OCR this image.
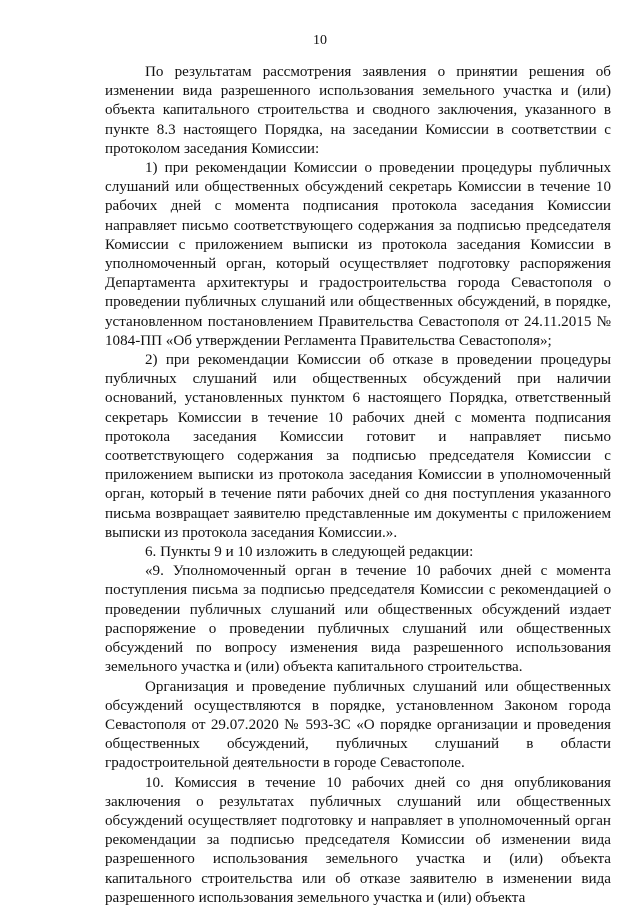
10

По результатам рассмотрения заявления о принятии решения об изменении вида разрешенного использования земельного участка и (или) объекта капитального строительства и сводного заключения, указанного в пункте 8.3 настоящего Порядка, на заседании Комиссии в соответствии с протоколом заседания Комиссии:

1) при рекомендации Комиссии о проведении процедуры публичных слушаний или общественных обсуждений секретарь Комиссии в течение 10 рабочих дней с момента подписания протокола заседания Комиссии направляет письмо соответствующего содержания за подписью председателя Комиссии с приложением выписки из протокола заседания Комиссии в уполномоченный орган, который осуществляет подготовку распоряжения Департамента архитектуры и градостроительства города Севастополя о проведении публичных слушаний или общественных обсуждений, в порядке, установленном постановлением Правительства Севастополя от 24.11.2015 № 1084-ПП «Об утверждении Регламента Правительства Севастополя»;

2) при рекомендации Комиссии об отказе в проведении процедуры публичных слушаний или общественных обсуждений при наличии оснований, установленных пунктом 6 настоящего Порядка, ответственный секретарь Комиссии в течение 10 рабочих дней с момента подписания протокола заседания Комиссии готовит и направляет письмо соответствующего содержания за подписью председателя Комиссии с приложением выписки из протокола заседания Комиссии в уполномоченный орган, который в течение пяти рабочих дней со дня поступления указанного письма возвращает заявителю представленные им документы с приложением выписки из протокола заседания Комиссии.».

6. Пункты 9 и 10 изложить в следующей редакции:

«9. Уполномоченный орган в течение 10 рабочих дней с момента поступления письма за подписью председателя Комиссии с рекомендацией о проведении публичных слушаний или общественных обсуждений издает распоряжение о проведении публичных слушаний или общественных обсуждений по вопросу изменения вида разрешенного использования земельного участка и (или) объекта капитального строительства.

Организация и проведение публичных слушаний или общественных обсуждений осуществляются в порядке, установленном Законом города Севастополя от 29.07.2020 № 593-ЗС «О порядке организации и проведения общественных обсуждений, публичных слушаний в области градостроительной деятельности в городе Севастополе.

10. Комиссия в течение 10 рабочих дней со дня опубликования заключения о результатах публичных слушаний или общественных обсуждений осуществляет подготовку и направляет в уполномоченный орган рекомендации за подписью председателя Комиссии об изменении вида разрешенного использования земельного участка и (или) объекта капитального строительства или об отказе заявителю в изменении вида разрешенного использования земельного участка и (или) объекта
